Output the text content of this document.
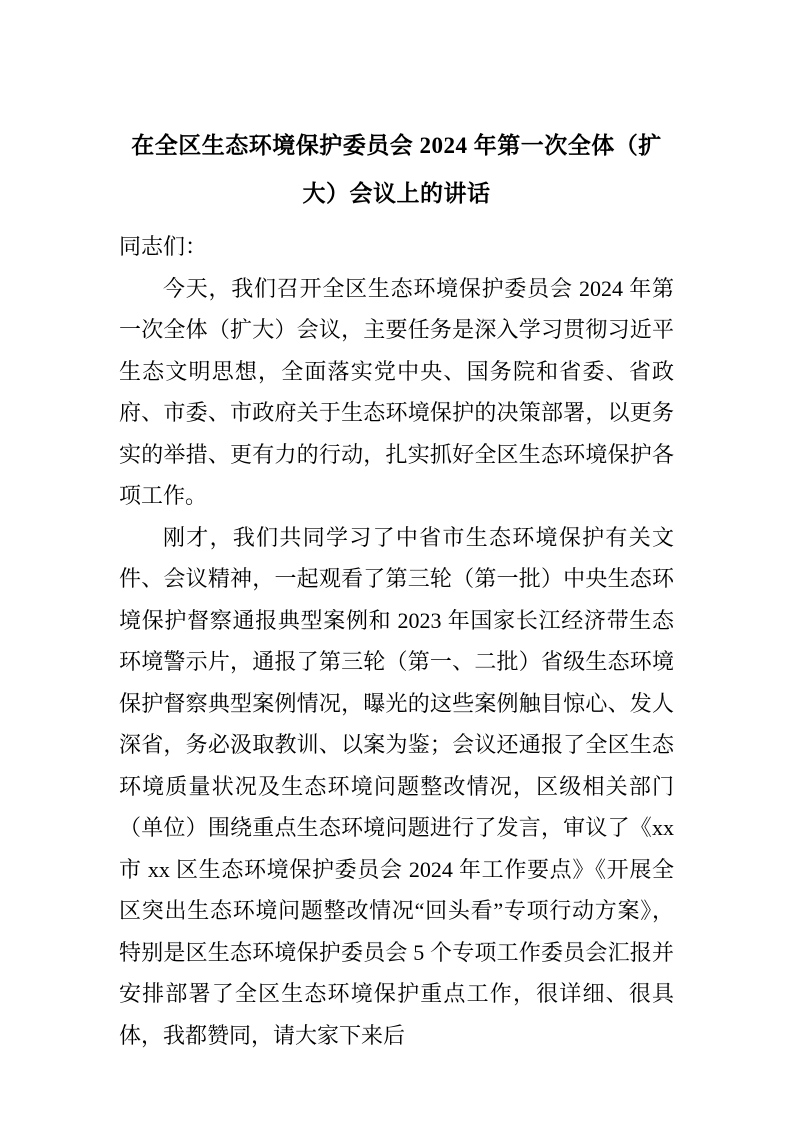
在全区生态环境保护委员会 2024 年第一次全体（扩大）会议上的讲话

同志们：

今天，我们召开全区生态环境保护委员会 2024 年第一次全体（扩大）会议，主要任务是深入学习贯彻习近平生态文明思想，全面落实党中央、国务院和省委、省政府、市委、市政府关于生态环境保护的决策部署，以更务实的举措、更有力的行动，扎实抓好全区生态环境保护各项工作。

刚才，我们共同学习了中省市生态环境保护有关文件、会议精神，一起观看了第三轮（第一批）中央生态环境保护督察通报典型案例和 2023 年国家长江经济带生态环境警示片，通报了第三轮（第一、二批）省级生态环境保护督察典型案例情况，曝光的这些案例触目惊心、发人深省，务必汲取教训、以案为鉴；会议还通报了全区生态环境质量状况及生态环境问题整改情况，区级相关部门（单位）围绕重点生态环境问题进行了发言，审议了《xx 市 xx 区生态环境保护委员会 2024 年工作要点》《开展全区突出生态环境问题整改情况“回头看”专项行动方案》，特别是区生态环境保护委员会 5 个专项工作委员会汇报并安排部署了全区生态环境保护重点工作，很详细、很具体，我都赞同，请大家下来后
